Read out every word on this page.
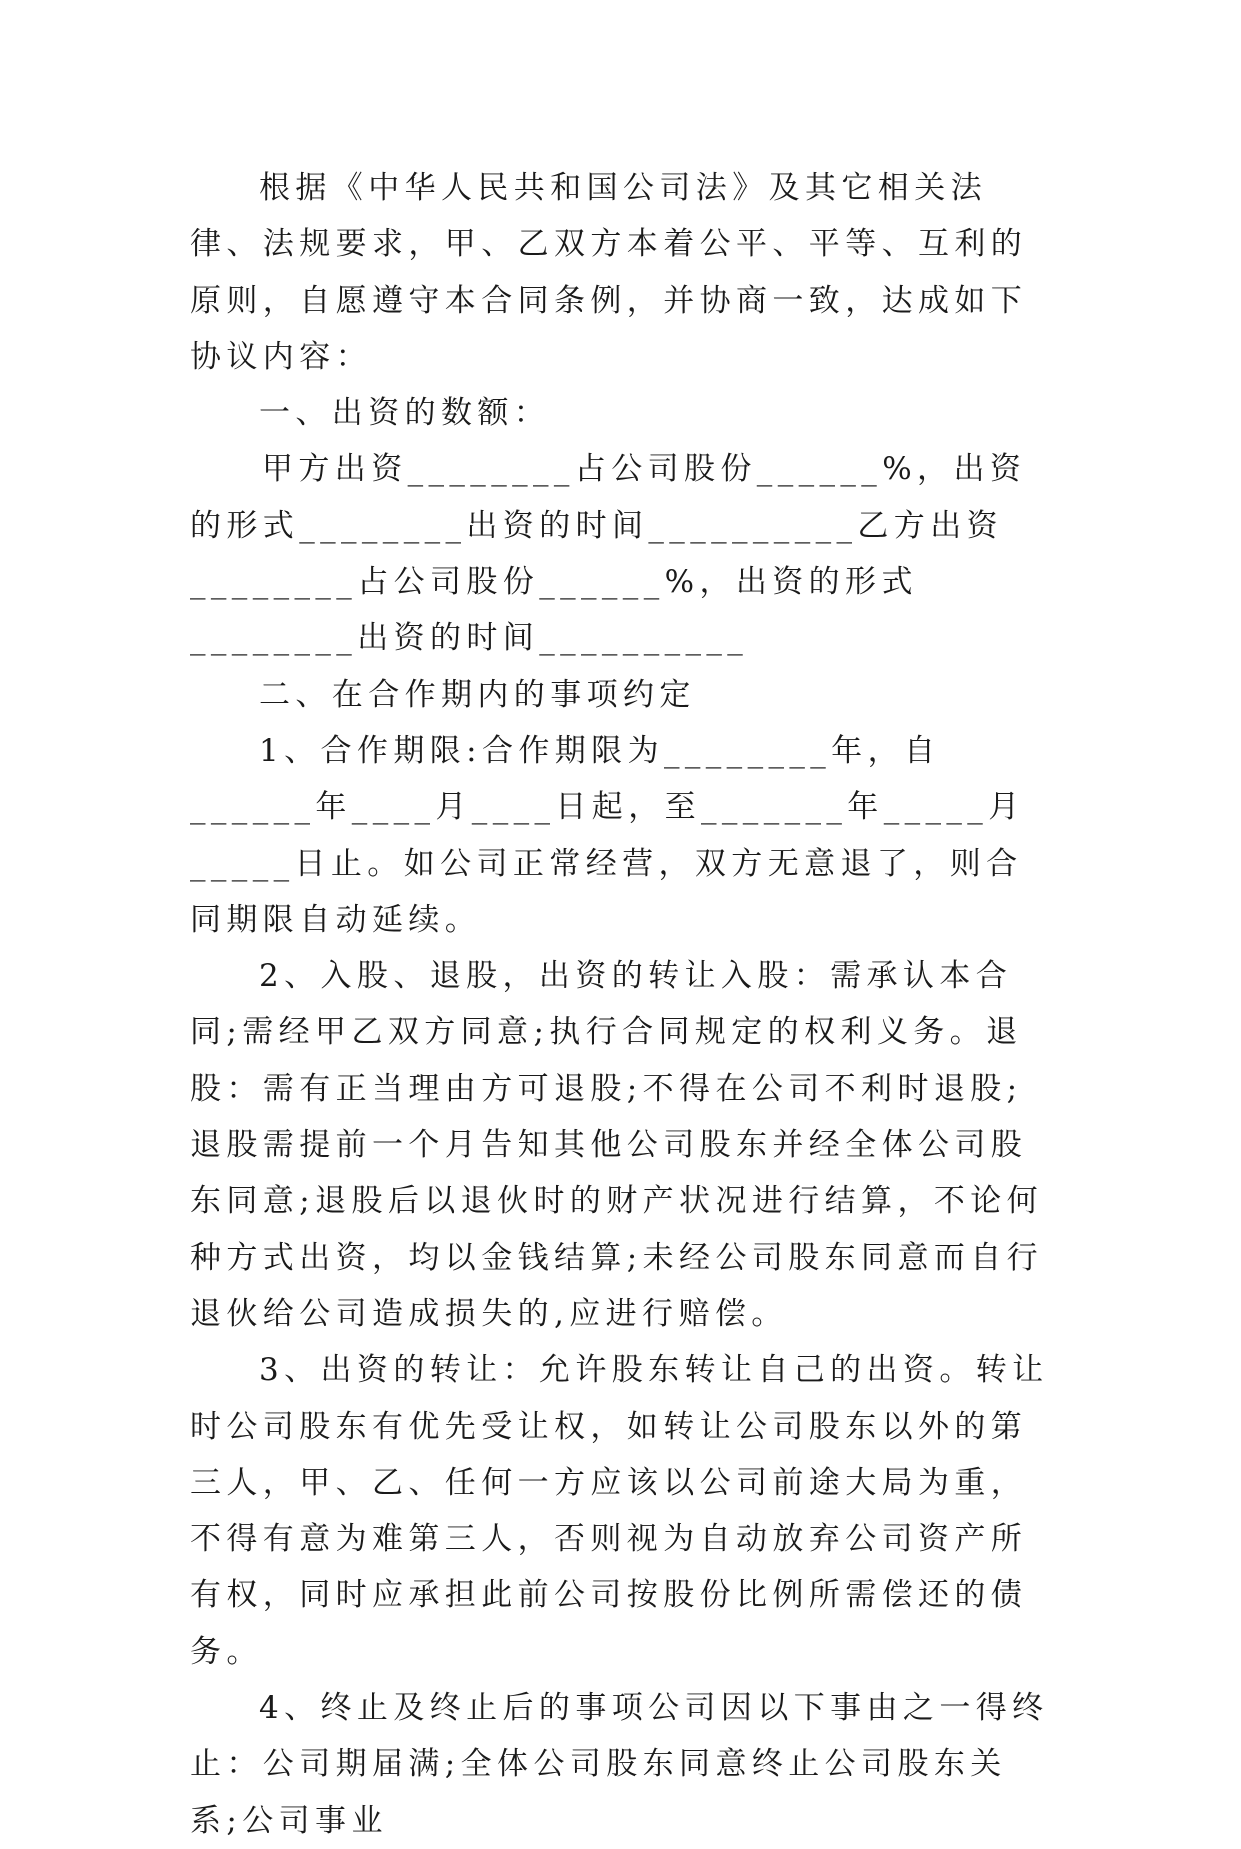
根据《中华人民共和国公司法》及其它相关法律、法规要求，甲、乙双方本着公平、平等、互利的原则，自愿遵守本合同条例，并协商一致，达成如下协议内容：

一、出资的数额：

甲方出资________占公司股份______%，出资的形式________出资的时间__________乙方出资________占公司股份______%，出资的形式________出资的时间__________

二、在合作期内的事项约定

1、合作期限:合作期限为________年，自______年____月____日起，至_______年_____月_____日止。如公司正常经营，双方无意退了，则合同期限自动延续。

2、入股、退股，出资的转让入股：需承认本合同;需经甲乙双方同意;执行合同规定的权利义务。退股：需有正当理由方可退股;不得在公司不利时退股;退股需提前一个月告知其他公司股东并经全体公司股东同意;退股后以退伙时的财产状况进行结算，不论何种方式出资，均以金钱结算;未经公司股东同意而自行退伙给公司造成损失的,应进行赔偿。

3、出资的转让：允许股东转让自己的出资。转让时公司股东有优先受让权，如转让公司股东以外的第三人，甲、乙、任何一方应该以公司前途大局为重，不得有意为难第三人，否则视为自动放弃公司资产所有权，同时应承担此前公司按股份比例所需偿还的债务。

4、终止及终止后的事项公司因以下事由之一得终止：公司期届满;全体公司股东同意终止公司股东关系;公司事业
